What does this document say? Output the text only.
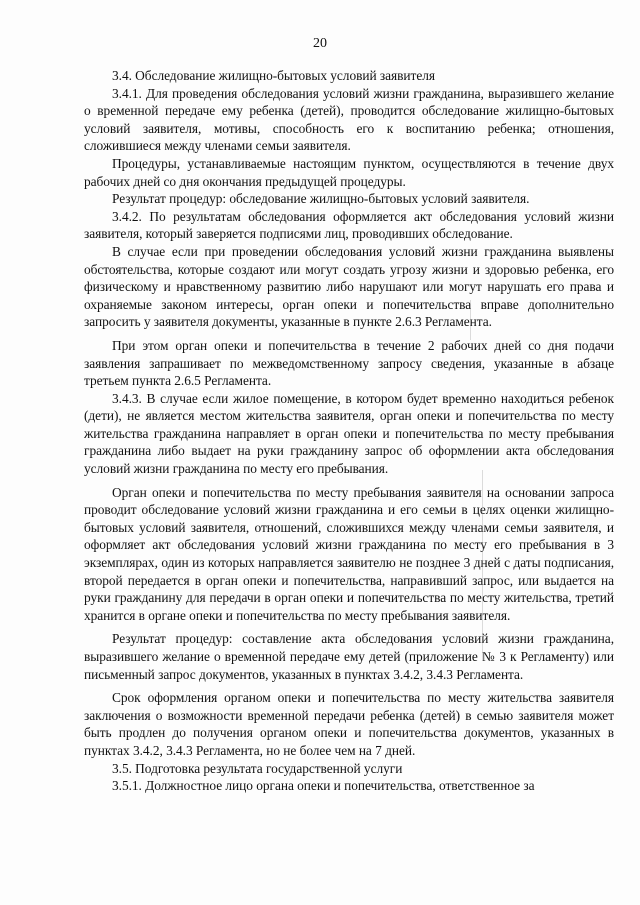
20

3.4. Обследование жилищно-бытовых условий заявителя

3.4.1. Для проведения обследования условий жизни гражданина, выразившего желание о временной передаче ему ребенка (детей), проводится обследование жилищно-бытовых условий заявителя, мотивы, способность его к воспитанию ребенка; отношения, сложившиеся между членами семьи заявителя.

Процедуры, устанавливаемые настоящим пунктом, осуществляются в течение двух рабочих дней со дня окончания предыдущей процедуры.

Результат процедур: обследование жилищно-бытовых условий заявителя.

3.4.2. По результатам обследования оформляется акт обследования условий жизни заявителя, который заверяется подписями лиц, проводивших обследование.

В случае если при проведении обследования условий жизни гражданина выявлены обстоятельства, которые создают или могут создать угрозу жизни и здоровью ребенка, его физическому и нравственному развитию либо нарушают или могут нарушать его права и охраняемые законом интересы, орган опеки и попечительства вправе дополнительно запросить у заявителя документы, указанные в пункте 2.6.3 Регламента.

При этом орган опеки и попечительства в течение 2 рабочих дней со дня подачи заявления запрашивает по межведомственному запросу сведения, указанные в абзаце третьем пункта 2.6.5 Регламента.

3.4.3. В случае если жилое помещение, в котором будет временно находиться ребенок (дети), не является местом жительства заявителя, орган опеки и попечительства по месту жительства гражданина направляет в орган опеки и попечительства по месту пребывания гражданина либо выдает на руки гражданину запрос об оформлении акта обследования условий жизни гражданина по месту его пребывания.

Орган опеки и попечительства по месту пребывания заявителя на основании запроса проводит обследование условий жизни гражданина и его семьи в целях оценки жилищно-бытовых условий заявителя, отношений, сложившихся между членами семьи заявителя, и оформляет акт обследования условий жизни гражданина по месту его пребывания в 3 экземплярах, один из которых направляется заявителю не позднее 3 дней с даты подписания, второй передается в орган опеки и попечительства, направивший запрос, или выдается на руки гражданину для передачи в орган опеки и попечительства по месту жительства, третий хранится в органе опеки и попечительства по месту пребывания заявителя.

Результат процедур: составление акта обследования условий жизни гражданина, выразившего желание о временной передаче ему детей (приложение № 3 к Регламенту) или письменный запрос документов, указанных в пунктах 3.4.2, 3.4.3 Регламента.

Срок оформления органом опеки и попечительства по месту жительства заявителя заключения о возможности временной передачи ребенка (детей) в семью заявителя может быть продлен до получения органом опеки и попечительства документов, указанных в пунктах 3.4.2, 3.4.3 Регламента, но не более чем на 7 дней.

3.5. Подготовка результата государственной услуги

3.5.1. Должностное лицо органа опеки и попечительства, ответственное за
